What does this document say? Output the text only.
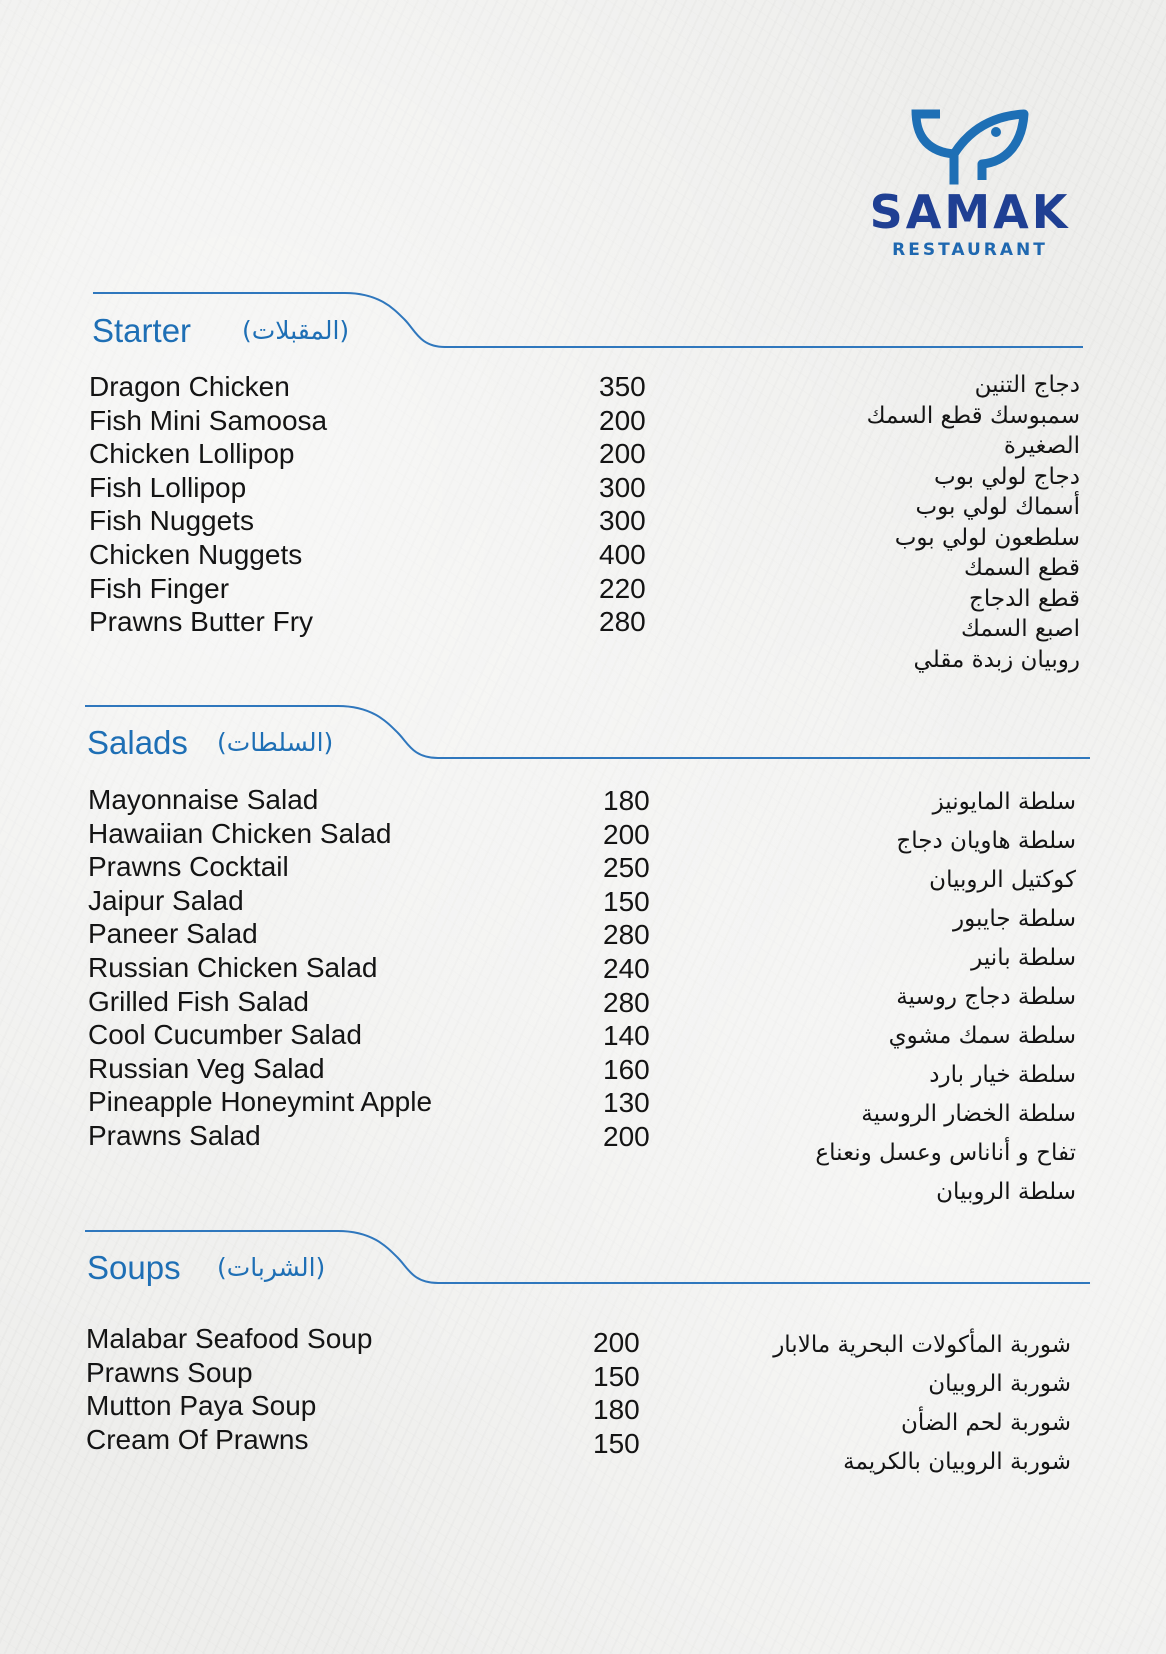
SAMAK
RESTAURANT
Starter (المقبلات)
Dragon Chicken
Fish Mini Samoosa
Chicken Lollipop
Fish Lollipop
Fish Nuggets
Chicken Nuggets
Fish Finger
Prawns Butter Fry
350
200
200
300
300
400
220
280
دجاج التنين
سمبوسك قطع السمك
الصغيرة
دجاج لولي بوب
أسماك لولي بوب
سلطعون لولي بوب
قطع السمك
قطع الدجاج
اصبع السمك
روبيان زبدة مقلي
Salads (السلطات)
Mayonnaise Salad
Hawaiian Chicken Salad
Prawns Cocktail
Jaipur Salad
Paneer Salad
Russian Chicken Salad
Grilled Fish Salad
Cool Cucumber Salad
Russian Veg Salad
Pineapple Honeymint Apple
Prawns Salad
180
200
250
150
280
240
280
140
160
130
200
سلطة المايونيز
سلطة هاويان دجاج
كوكتيل الروبيان
سلطة جايبور
سلطة بانير
سلطة دجاج روسية
سلطة سمك مشوي
سلطة خيار بارد
سلطة الخضار الروسية
تفاح و أناناس وعسل ونعناع
سلطة الروبيان
Soups (الشربات)
Malabar Seafood Soup
Prawns Soup
Mutton Paya Soup
Cream Of Prawns
200
150
180
150
شوربة المأكولات البحرية مالابار
شوربة الروبيان
شوربة لحم الضأن
شوربة الروبيان بالكريمة
